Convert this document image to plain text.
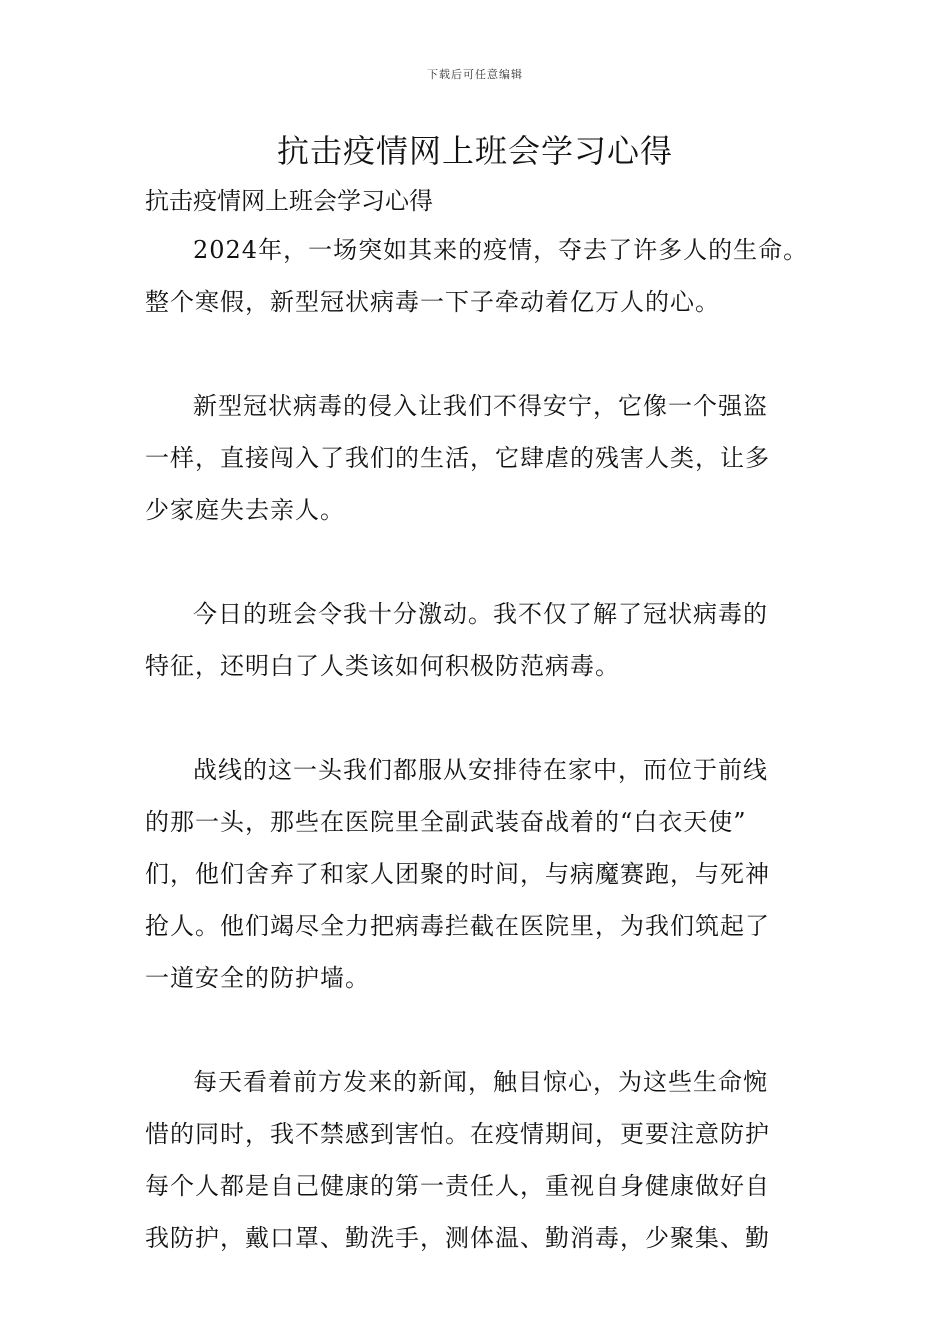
下载后可任意编辑
抗击疫情网上班会学习心得

抗击疫情网上班会学习心得

2024年，一场突如其来的疫情，夺去了许多人的生命。
整个寒假，新型冠状病毒一下子牵动着亿万人的心。
新型冠状病毒的侵入让我们不得安宁，它像一个强盗
一样，直接闯入了我们的生活，它肆虐的残害人类，让多
少家庭失去亲人。
今日的班会令我十分激动。我不仅了解了冠状病毒的
特征，还明白了人类该如何积极防范病毒。
战线的这一头我们都服从安排待在家中，而位于前线
的那一头，那些在医院里全副武装奋战着的“白衣天使”
们，他们舍弃了和家人团聚的时间，与病魔赛跑，与死神
抢人。他们竭尽全力把病毒拦截在医院里，为我们筑起了
一道安全的防护墙。
每天看着前方发来的新闻，触目惊心，为这些生命惋
惜的同时，我不禁感到害怕。在疫情期间，更要注意防护
每个人都是自己健康的第一责任人，重视自身健康做好自
我防护，戴口罩、勤洗手，测体温、勤消毒，少聚集、勤
